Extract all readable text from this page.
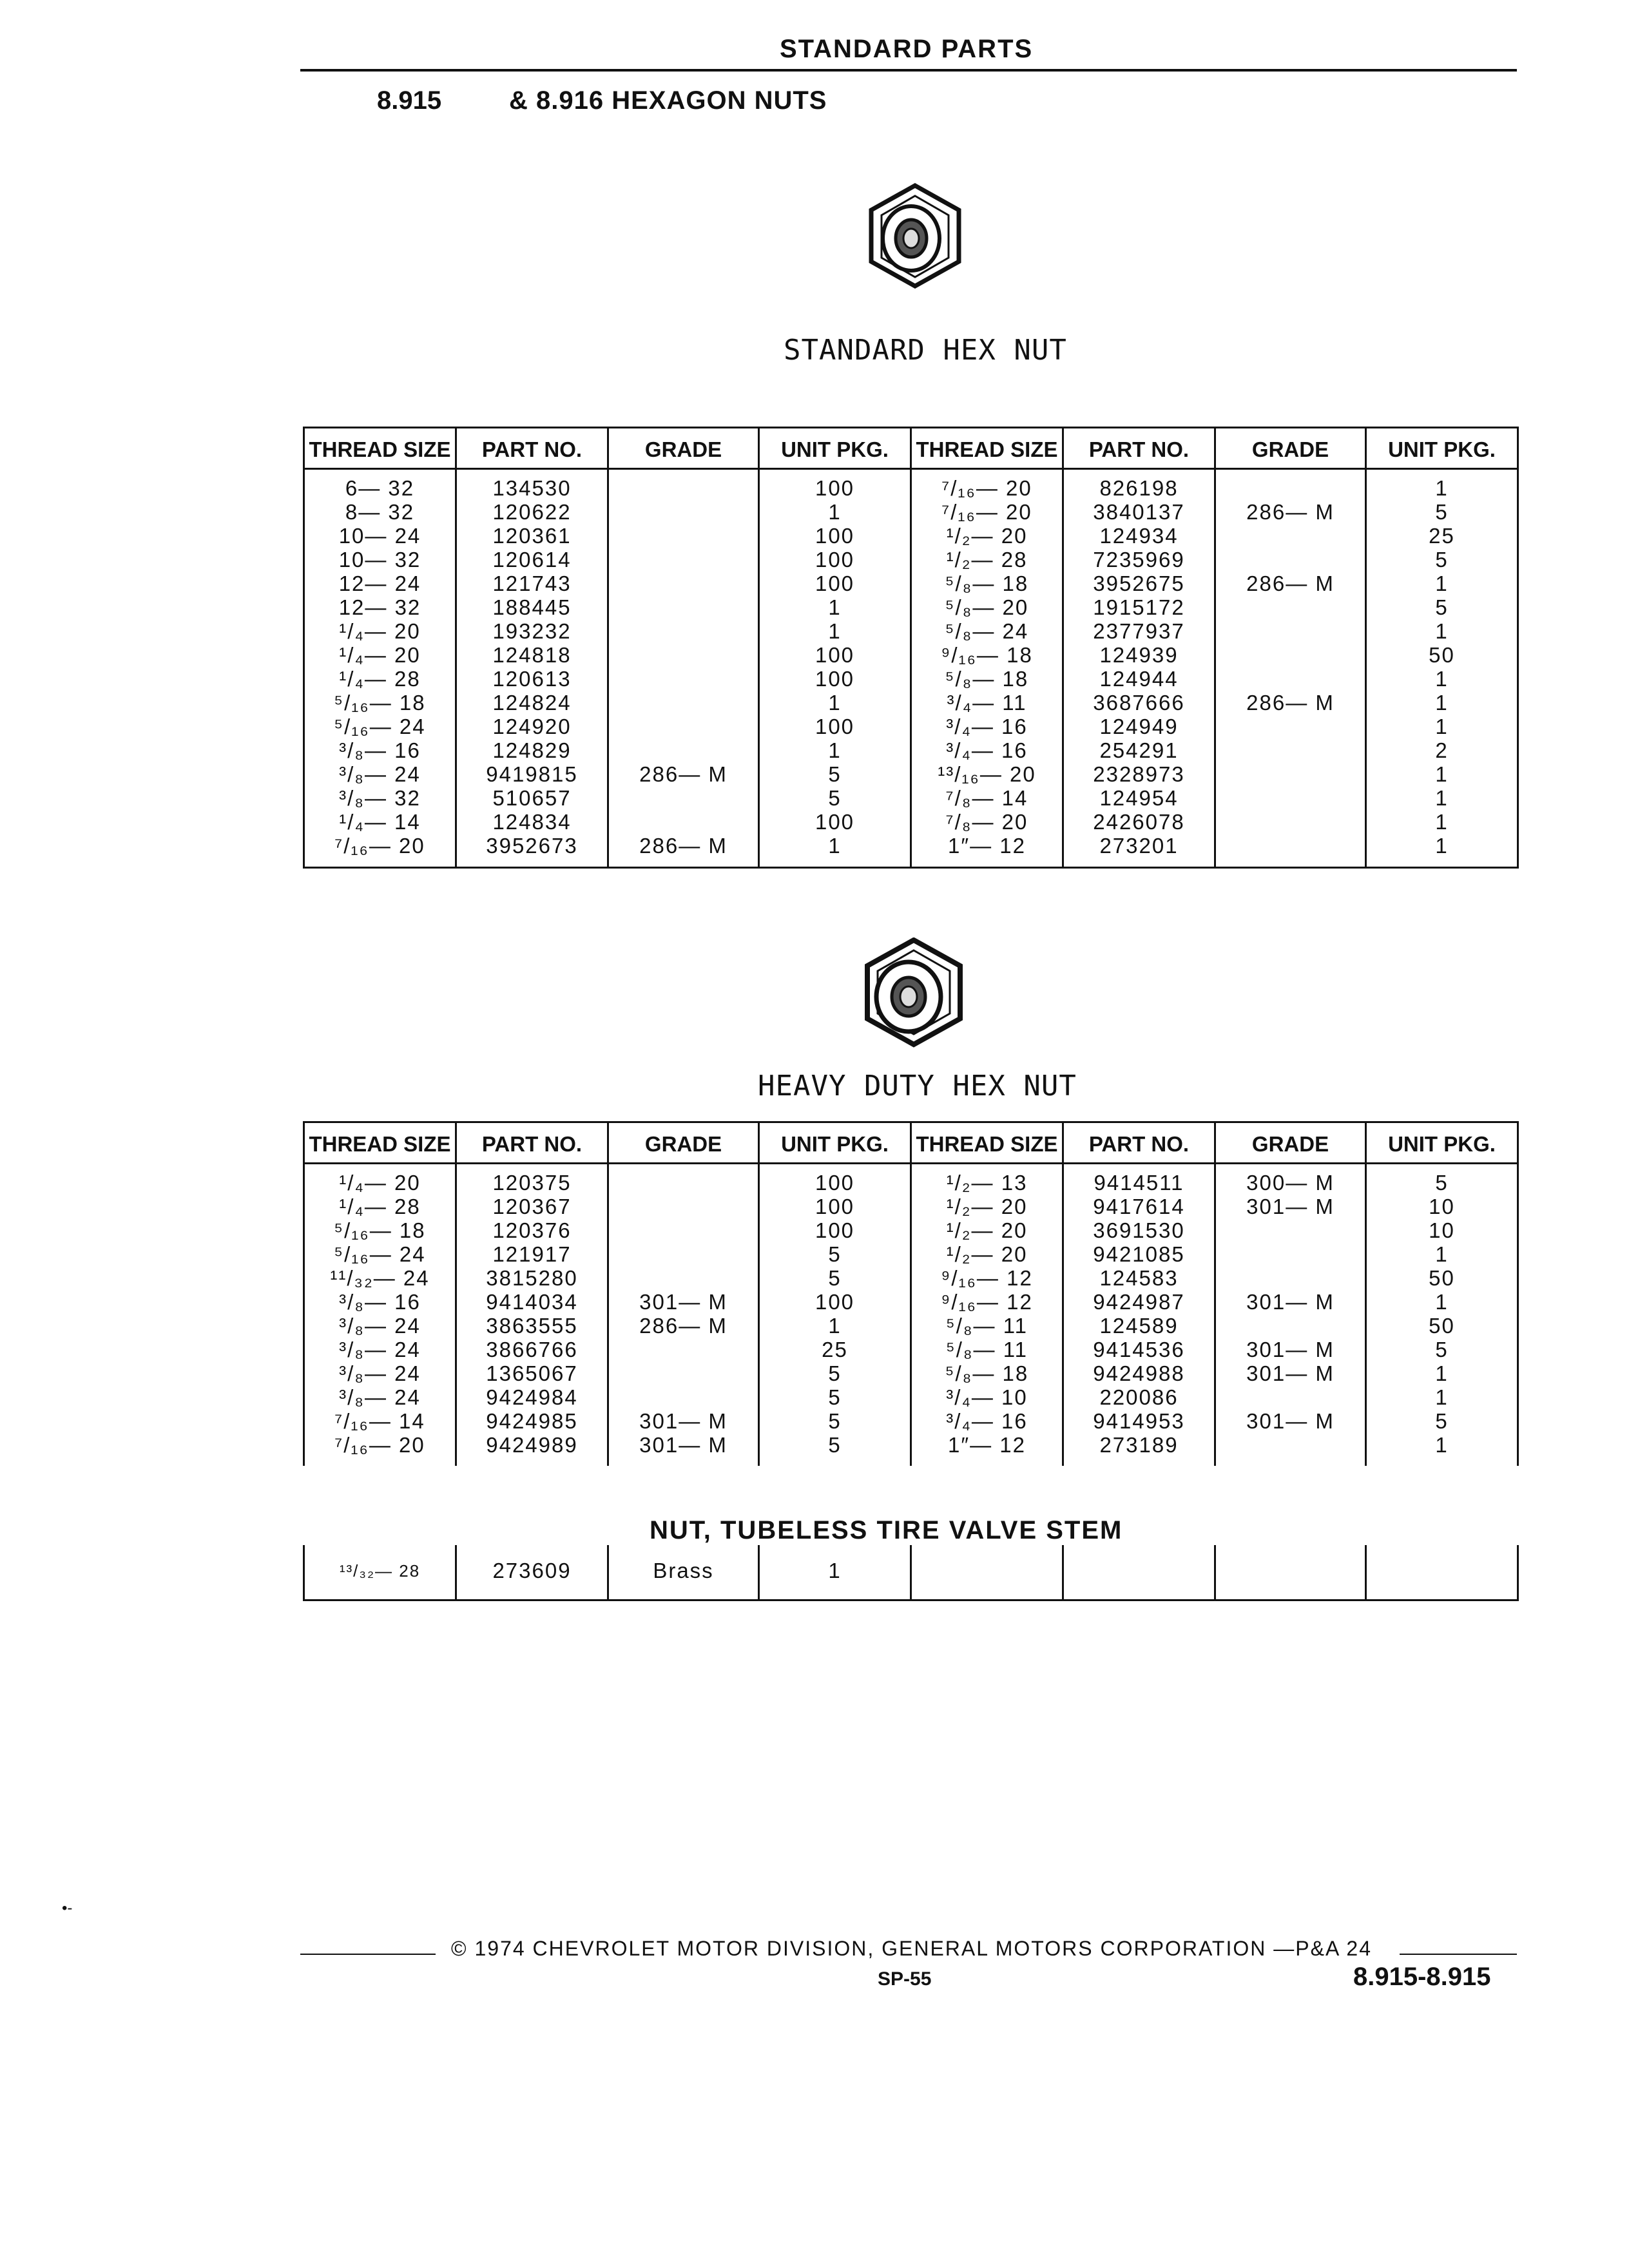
STANDARD PARTS
8.915	& 8.916 HEXAGON NUTS
STANDARD HEX NUT
THREAD SIZE	PART NO.	GRADE	UNIT PKG.	THREAD SIZE	PART NO.	GRADE	UNIT PKG.
6— 32	134530		100	⁷/₁₆— 20	826198		1
8— 32	120622		1	⁷/₁₆— 20	3840137	286— M	5
10— 24	120361		100	¹/₂— 20	124934		25
10— 32	120614		100	¹/₂— 28	7235969		5
12— 24	121743		100	⁵/₈— 18	3952675	286— M	1
12— 32	188445		1	⁵/₈— 20	1915172		5
¹/₄— 20	193232		1	⁵/₈— 24	2377937		1
¹/₄— 20	124818		100	⁹/₁₆— 18	124939		50
¹/₄— 28	120613		100	⁵/₈— 18	124944		1
⁵/₁₆— 18	124824		1	³/₄— 11	3687666	286— M	1
⁵/₁₆— 24	124920		100	³/₄— 16	124949		1
³/₈— 16	124829		1	³/₄— 16	254291		2
³/₈— 24	9419815	286— M	5	¹³/₁₆— 20	2328973		1
³/₈— 32	510657		5	⁷/₈— 14	124954		1
¹/₄— 14	124834		100	⁷/₈— 20	2426078		1
⁷/₁₆— 20	3952673	286— M	1	1″— 12	273201		1
HEAVY DUTY HEX NUT
THREAD SIZE	PART NO.	GRADE	UNIT PKG.	THREAD SIZE	PART NO.	GRADE	UNIT PKG.
¹/₄— 20	120375		100	¹/₂— 13	9414511	300— M	5
¹/₄— 28	120367		100	¹/₂— 20	9417614	301— M	10
⁵/₁₆— 18	120376		100	¹/₂— 20	3691530		10
⁵/₁₆— 24	121917		5	¹/₂— 20	9421085		1
¹¹/₃₂— 24	3815280		5	⁹/₁₆— 12	124583		50
³/₈— 16	9414034	301— M	100	⁹/₁₆— 12	9424987	301— M	1
³/₈— 24	3863555	286— M	1	⁵/₈— 11	124589		50
³/₈— 24	3866766		25	⁵/₈— 11	9414536	301— M	5
³/₈— 24	1365067		5	⁵/₈— 18	9424988	301— M	1
³/₈— 24	9424984		5	³/₄— 10	220086		1
⁷/₁₆— 14	9424985	301— M	5	³/₄— 16	9414953	301— M	5
⁷/₁₆— 20	9424989	301— M	5	1″— 12	273189		1
NUT, TUBELESS TIRE VALVE STEM
¹³/₃₂— 28	273609	Brass	1				
•-
© 1974 CHEVROLET MOTOR DIVISION, GENERAL MOTORS CORPORATION —P&A 24
SP-55	8.915-8.915
